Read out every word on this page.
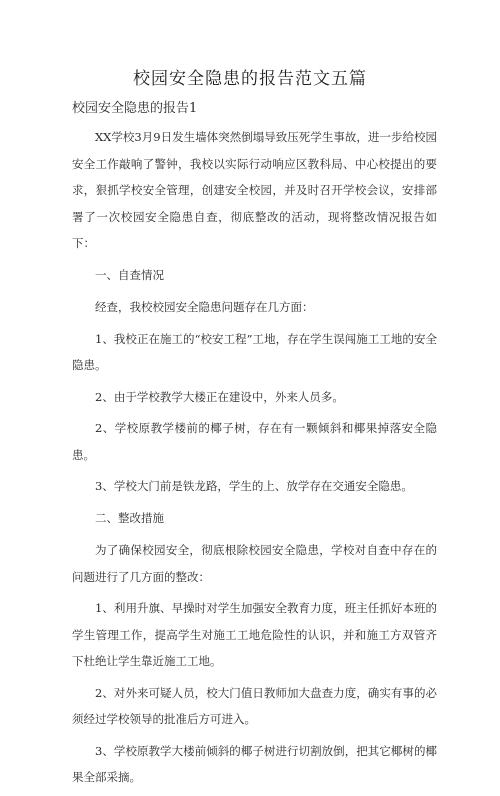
校园安全隐患的报告范文五篇
校园安全隐患的报告1

XX学校3月9日发生墙体突然倒塌导致压死学生事故，进一步给校园安全工作敲响了警钟，我校以实际行动响应区教科局、中心校提出的要求，狠抓学校安全管理，创建安全校园，并及时召开学校会议，安排部署了一次校园安全隐患自查，彻底整改的活动，现将整改情况报告如下：

一、自查情况

经查，我校校园安全隐患问题存在几方面：

1、我校正在施工的“校安工程”工地，存在学生误闯施工工地的安全隐患。

2、由于学校教学大楼正在建设中，外来人员多。

2、学校原教学楼前的椰子树，存在有一颗倾斜和椰果掉落安全隐患。

3、学校大门前是铁龙路，学生的上、放学存在交通安全隐患。

二、整改措施

为了确保校园安全，彻底根除校园安全隐患，学校对自查中存在的问题进行了几方面的整改：

1、利用升旗、早操时对学生加强安全教育力度，班主任抓好本班的学生管理工作，提高学生对施工工地危险性的认识，并和施工方双管齐下杜绝让学生靠近施工工地。

2、对外来可疑人员，校大门值日教师加大盘查力度，确实有事的必须经过学校领导的批准后方可进入。

3、学校原教学大楼前倾斜的椰子树进行切割放倒，把其它椰树的椰果全部采摘。
